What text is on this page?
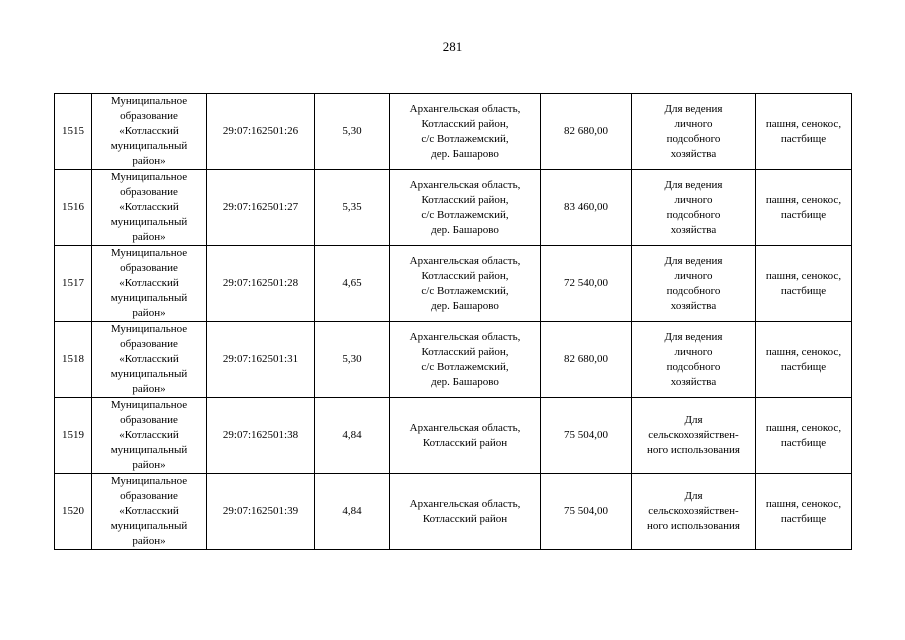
281
1515	Муниципальное
образование
«Котласский
муниципальный
район»	29:07:162501:26	5,30	Архангельская область,
Котласский район,
с/с Вотлажемский,
дер. Башарово	82 680,00	Для ведения
личного
подсобного
хозяйства	пашня, сенокос,
пастбище
1516	Муниципальное
образование
«Котласский
муниципальный
район»	29:07:162501:27	5,35	Архангельская область,
Котласский район,
с/с Вотлажемский,
дер. Башарово	83 460,00	Для ведения
личного
подсобного
хозяйства	пашня, сенокос,
пастбище
1517	Муниципальное
образование
«Котласский
муниципальный
район»	29:07:162501:28	4,65	Архангельская область,
Котласский район,
с/с Вотлажемский,
дер. Башарово	72 540,00	Для ведения
личного
подсобного
хозяйства	пашня, сенокос,
пастбище
1518	Муниципальное
образование
«Котласский
муниципальный
район»	29:07:162501:31	5,30	Архангельская область,
Котласский район,
с/с Вотлажемский,
дер. Башарово	82 680,00	Для ведения
личного
подсобного
хозяйства	пашня, сенокос,
пастбище
1519	Муниципальное
образование
«Котласский
муниципальный
район»	29:07:162501:38	4,84	Архангельская область,
Котласский район	75 504,00	Для
сельскохозяйствен-
ного использования	пашня, сенокос,
пастбище
1520	Муниципальное
образование
«Котласский
муниципальный
район»	29:07:162501:39	4,84	Архангельская область,
Котласский район	75 504,00	Для
сельскохозяйствен-
ного использования	пашня, сенокос,
пастбище
